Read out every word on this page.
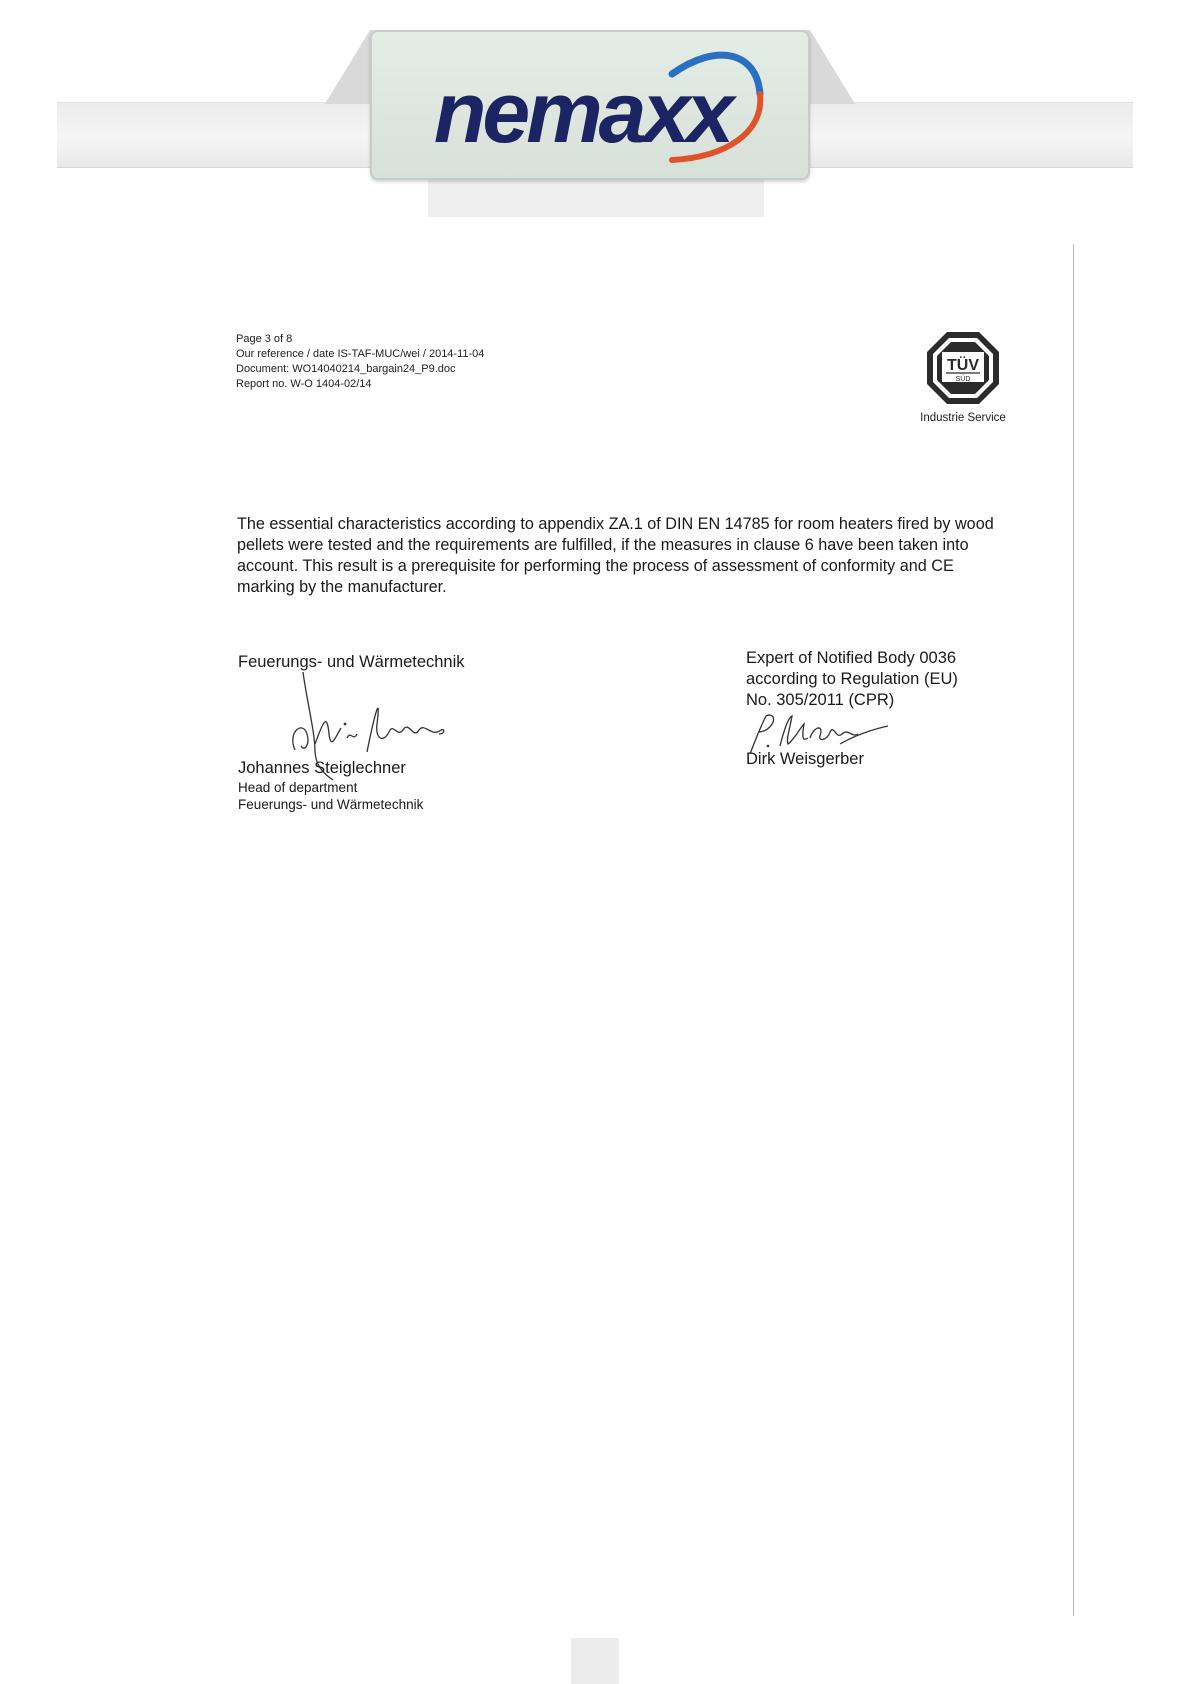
nemaxx
Page 3 of 8
Our reference / date IS-TAF-MUC/wei / 2014-11-04
Document: WO14040214_bargain24_P9.doc
Report no. W-O 1404-02/14
TÜV
SÜD
Industrie Service
The essential characteristics according to appendix ZA.1 of DIN EN 14785 for room heaters fired by wood pellets were tested and the requirements are fulfilled, if the measures in clause 6 have been taken into account. This result is a prerequisite for performing the process of assessment of conformity and CE marking by the manufacturer.
Feuerungs- und Wärmetechnik
Johannes Steiglechner
Head of department
Feuerungs- und Wärmetechnik
Expert of Notified Body 0036
according to Regulation (EU)
No. 305/2011 (CPR)
Dirk Weisgerber
